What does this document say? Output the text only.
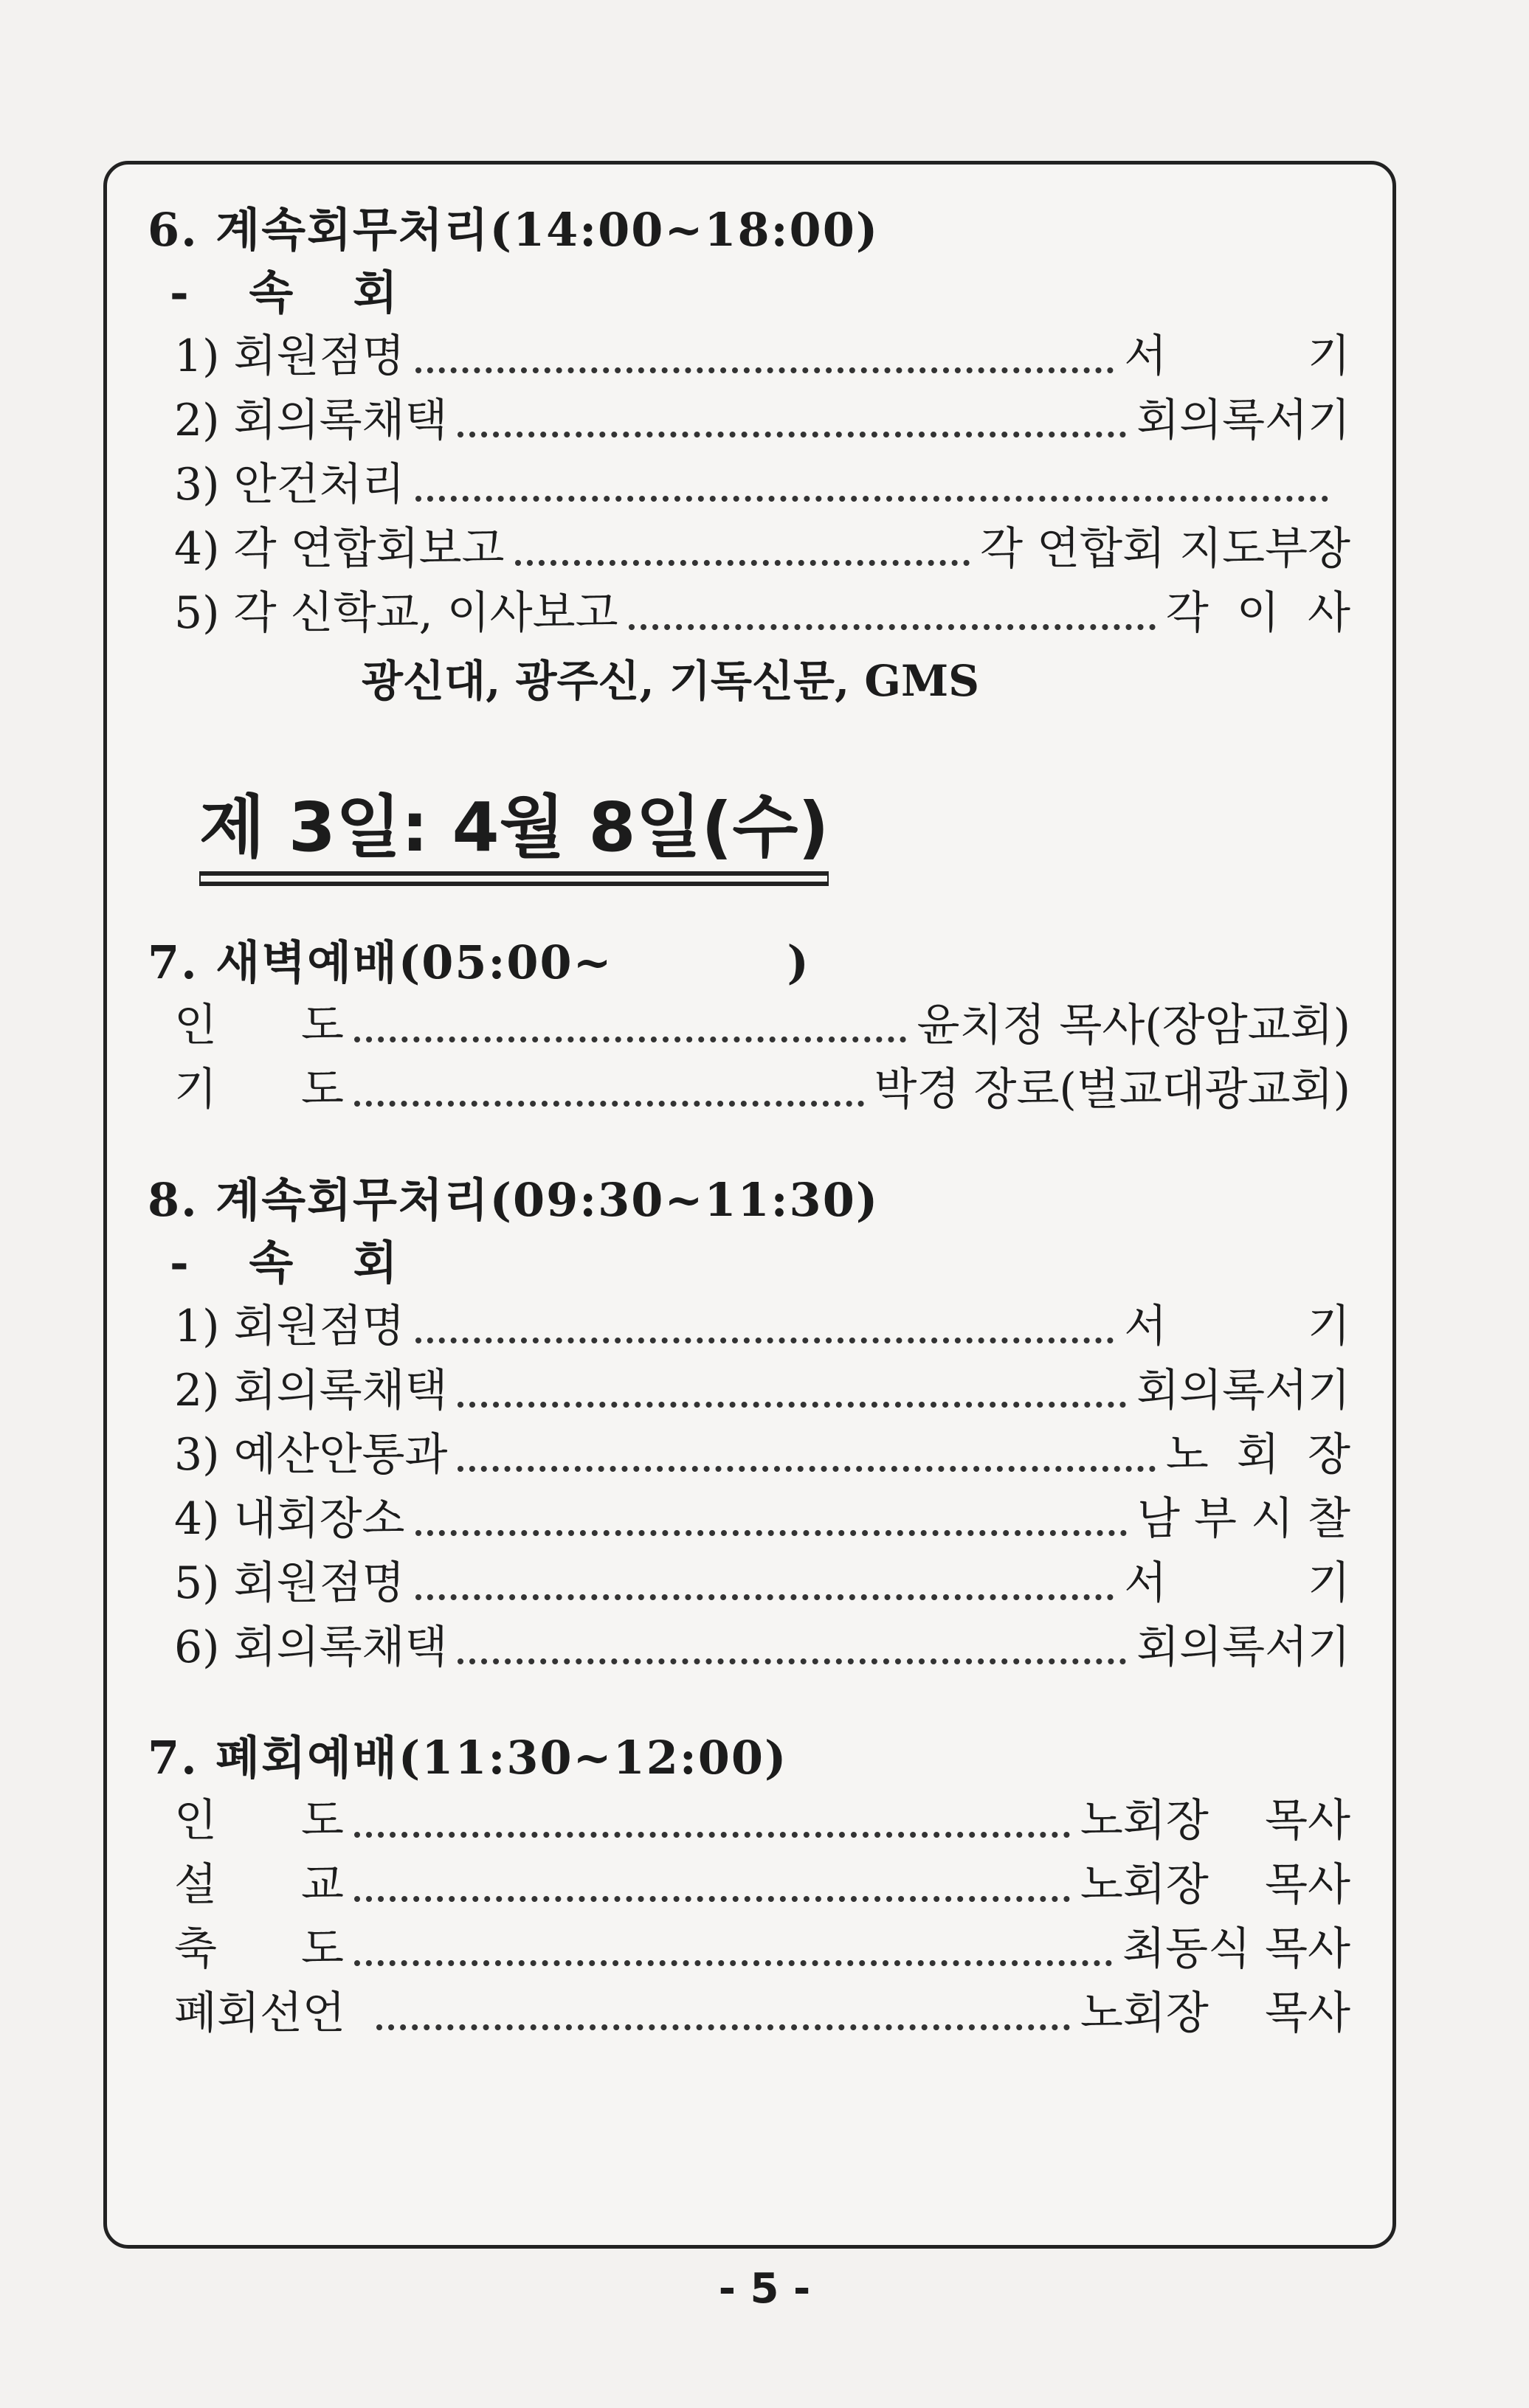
6. 계속회무처리(14:00~18:00)
- 속 회
1) 회원점명	서          기
2) 회의록채택	회의록서기
3) 안건처리
4) 각 연합회보고	각 연합회 지도부장
5) 각 신학교, 이사보고	각  이  사
광신대, 광주신, 기독신문, GMS
제 3일: 4월 8일(수)
7. 새벽예배(05:00~          )
인 도	윤치정 목사(장암교회)
기 도	박경 장로(벌교대광교회)
8. 계속회무처리(09:30~11:30)
- 속 회
1) 회원점명	서          기
2) 회의록채택	회의록서기
3) 예산안통과	노  회  장
4) 내회장소	남 부 시 찰
5) 회원점명	서          기
6) 회의록채택	회의록서기
7. 폐회예배(11:30~12:00)
인 도	노회장    목사
설 교	노회장    목사
축 도	최동식 목사
폐회선언	노회장    목사
- 5 -
